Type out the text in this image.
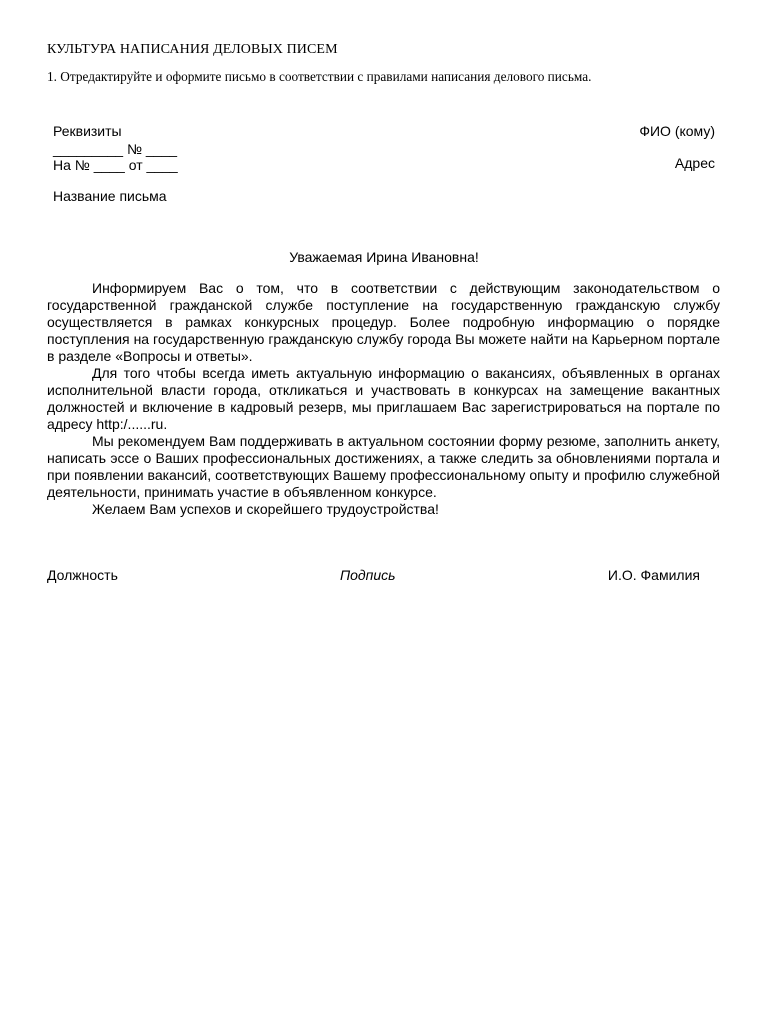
КУЛЬТУРА НАПИСАНИЯ ДЕЛОВЫХ ПИСЕМ
1. Отредактируйте и оформите письмо в соответствии с правилами написания делового письма.
Реквизиты
_________ № ____
На № ____ от ____
Название письма
ФИО (кому)
Адрес
Уважаемая Ирина Ивановна!

Информируем Вас о том, что в соответствии с действующим законодательством о государственной гражданской службе поступление на государственную гражданскую службу осуществляется в рамках конкурсных процедур. Более подробную информацию о порядке поступления на государственную гражданскую службу города Вы можете найти на Карьерном портале в разделе «Вопросы и ответы».

Для того чтобы всегда иметь актуальную информацию о вакансиях, объявленных в органах исполнительной власти города, откликаться и участвовать в конкурсах на замещение вакантных должностей и включение в кадровый резерв, мы приглашаем Вас зарегистрироваться на портале по адресу http:/......ru.

Мы рекомендуем Вам поддерживать в актуальном состоянии форму резюме, заполнить анкету, написать эссе о Ваших профессиональных достижениях, а также следить за обновлениями портала и при появлении вакансий, соответствующих Вашему профессиональному опыту и профилю служебной деятельности, принимать участие в объявленном конкурсе.

Желаем Вам успехов и скорейшего трудоустройства!

Должность	Подпись	И.О. Фамилия
